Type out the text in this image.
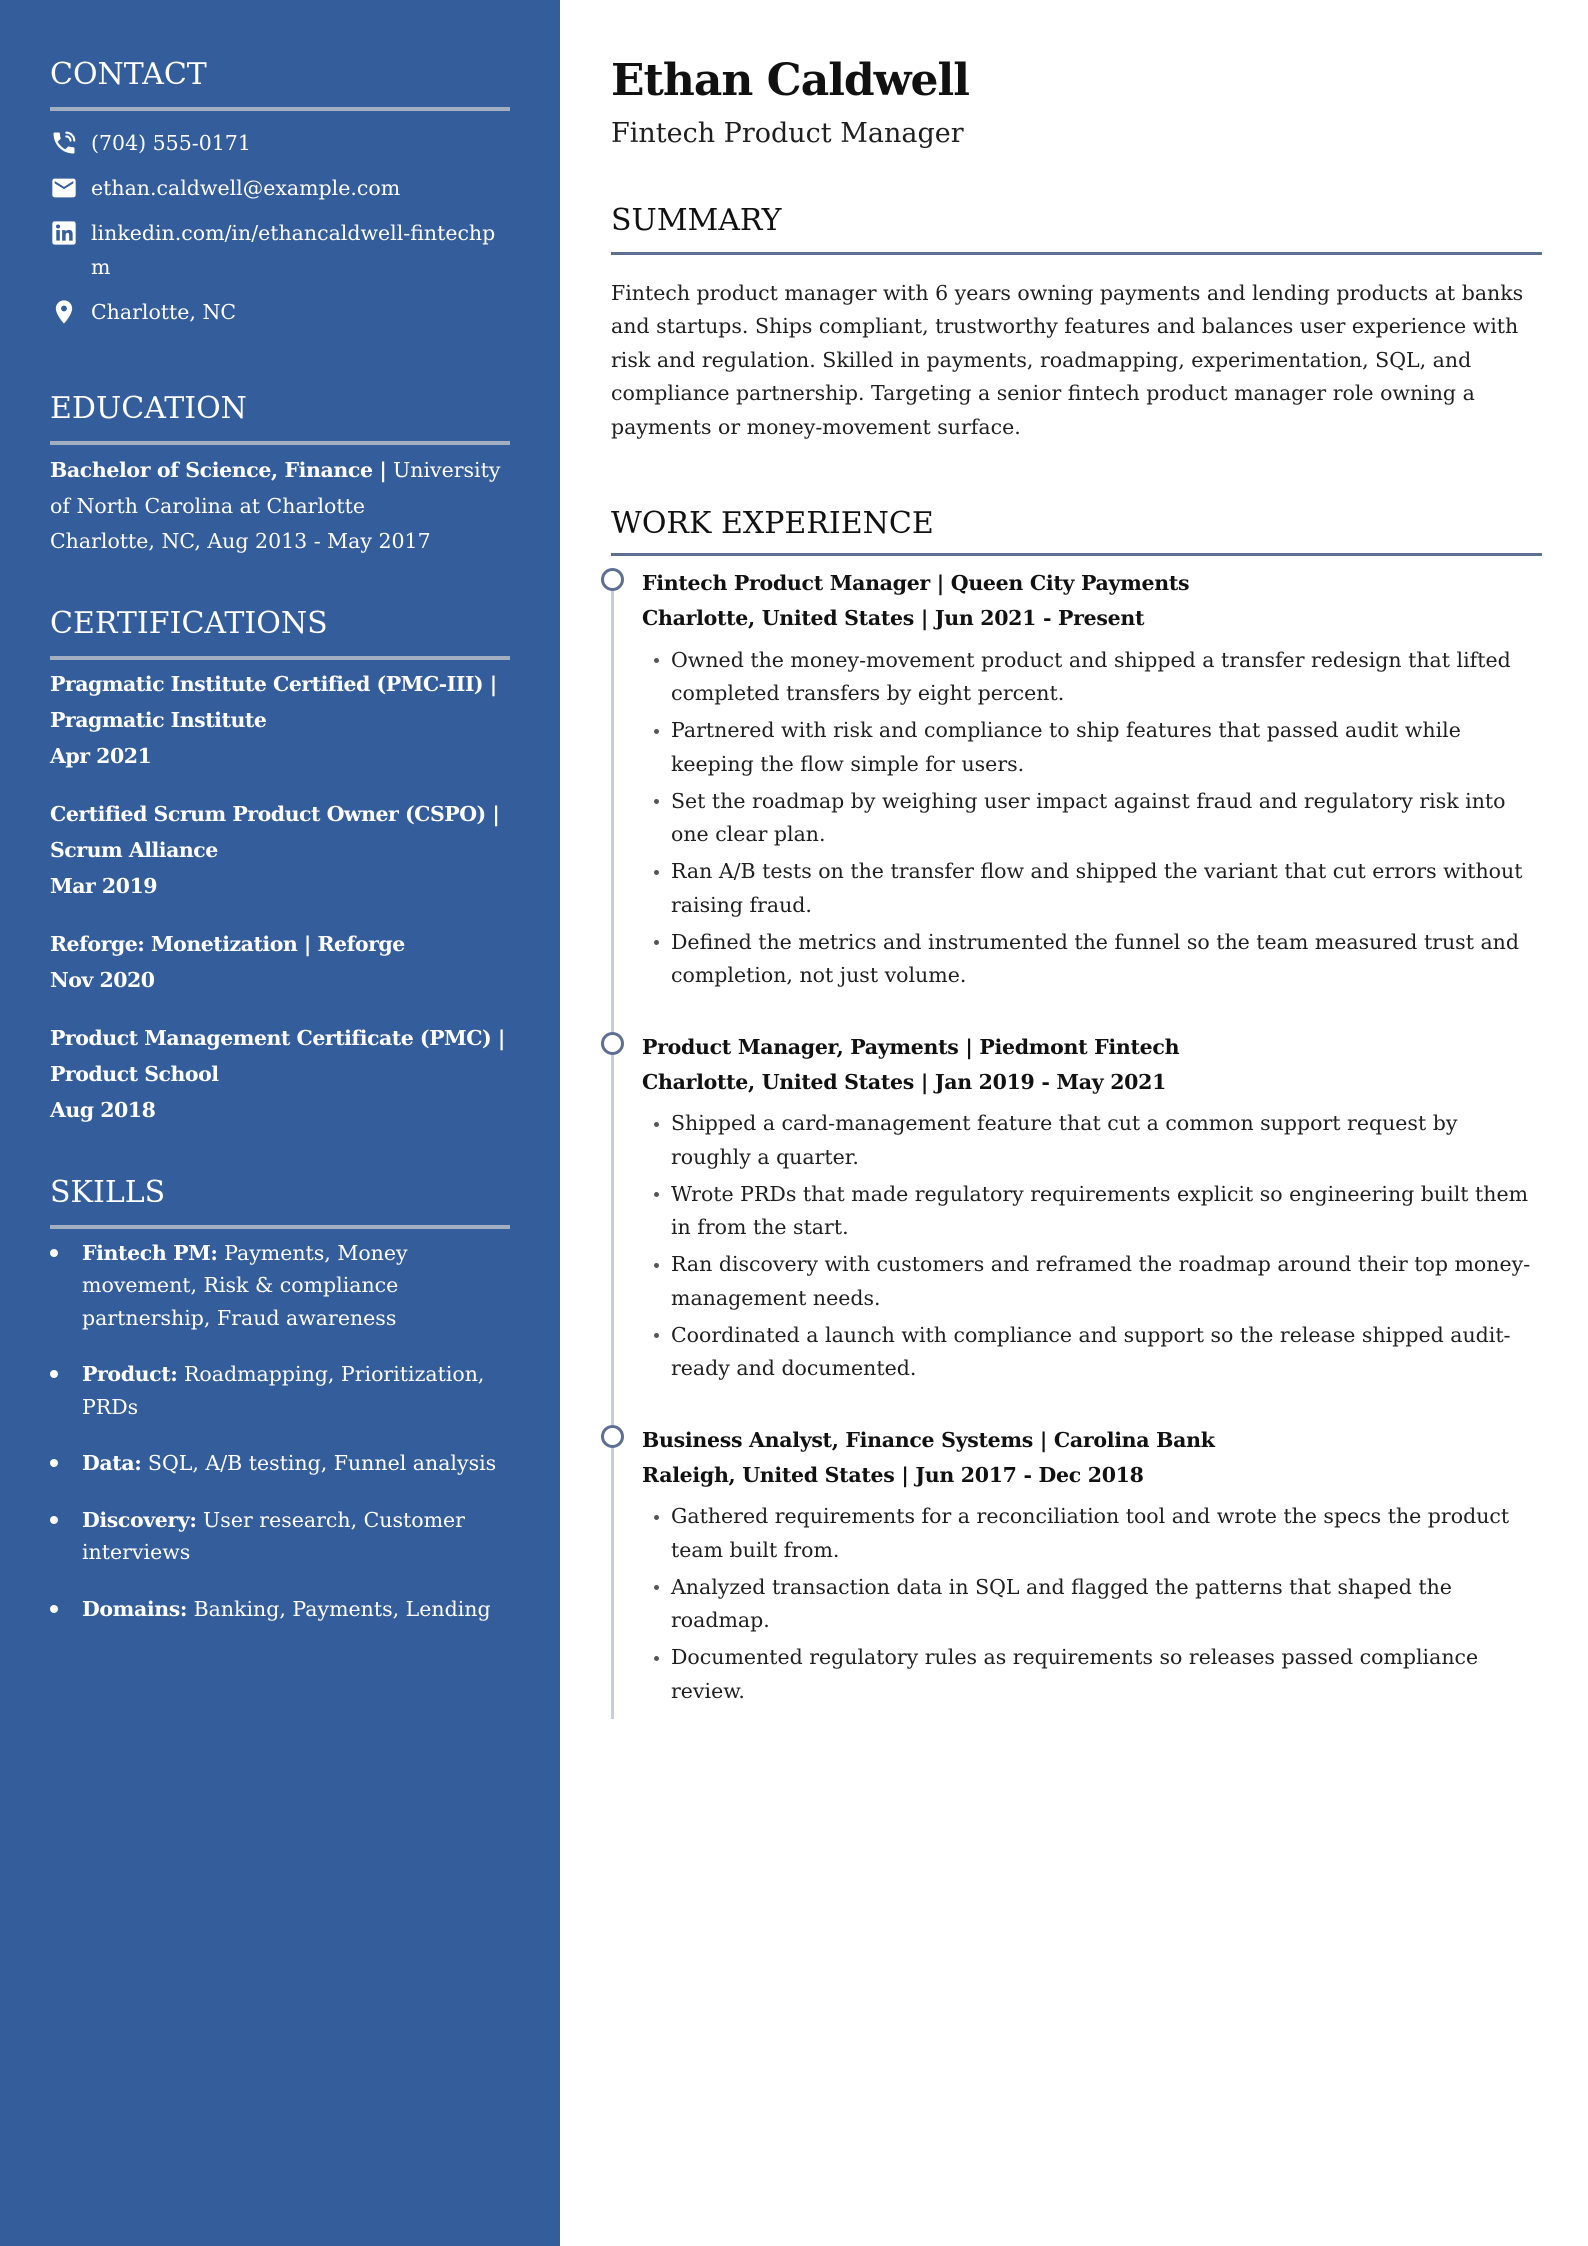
CONTACT
(704) 555-0171
ethan.caldwell@example.com
linkedin.com/in/ethancaldwell-fintechpm
Charlotte, NC
EDUCATION
Bachelor of Science, Finance | University of North Carolina at Charlotte
Charlotte, NC, Aug 2013 - May 2017
CERTIFICATIONS
Pragmatic Institute Certified (PMC-III) | Pragmatic Institute
Apr 2021
Certified Scrum Product Owner (CSPO) | Scrum Alliance
Mar 2019
Reforge: Monetization | Reforge
Nov 2020
Product Management Certificate (PMC) | Product School
Aug 2018
SKILLS
Fintech PM: Payments, Money movement, Risk & compliance partnership, Fraud awareness
Product: Roadmapping, Prioritization, PRDs
Data: SQL, A/B testing, Funnel analysis
Discovery: User research, Customer interviews
Domains: Banking, Payments, Lending
Ethan Caldwell
Fintech Product Manager
SUMMARY

Fintech product manager with 6 years owning payments and lending products at banks and startups. Ships compliant, trustworthy features and balances user experience with risk and regulation. Skilled in payments, roadmapping, experimentation, SQL, and compliance partnership. Targeting a senior fintech product manager role owning a payments or money-movement surface.

WORK EXPERIENCE
Fintech Product Manager | Queen City Payments
Charlotte, United States | Jun 2021 - Present
Owned the money-movement product and shipped a transfer redesign that lifted completed transfers by eight percent.
Partnered with risk and compliance to ship features that passed audit while keeping the flow simple for users.
Set the roadmap by weighing user impact against fraud and regulatory risk into one clear plan.
Ran A/B tests on the transfer flow and shipped the variant that cut errors without raising fraud.
Defined the metrics and instrumented the funnel so the team measured trust and completion, not just volume.
Product Manager, Payments | Piedmont Fintech
Charlotte, United States | Jan 2019 - May 2021
Shipped a card-management feature that cut a common support request by roughly a quarter.
Wrote PRDs that made regulatory requirements explicit so engineering built them in from the start.
Ran discovery with customers and reframed the roadmap around their top money-management needs.
Coordinated a launch with compliance and support so the release shipped audit-ready and documented.
Business Analyst, Finance Systems | Carolina Bank
Raleigh, United States | Jun 2017 - Dec 2018
Gathered requirements for a reconciliation tool and wrote the specs the product team built from.
Analyzed transaction data in SQL and flagged the patterns that shaped the roadmap.
Documented regulatory rules as requirements so releases passed compliance review.
